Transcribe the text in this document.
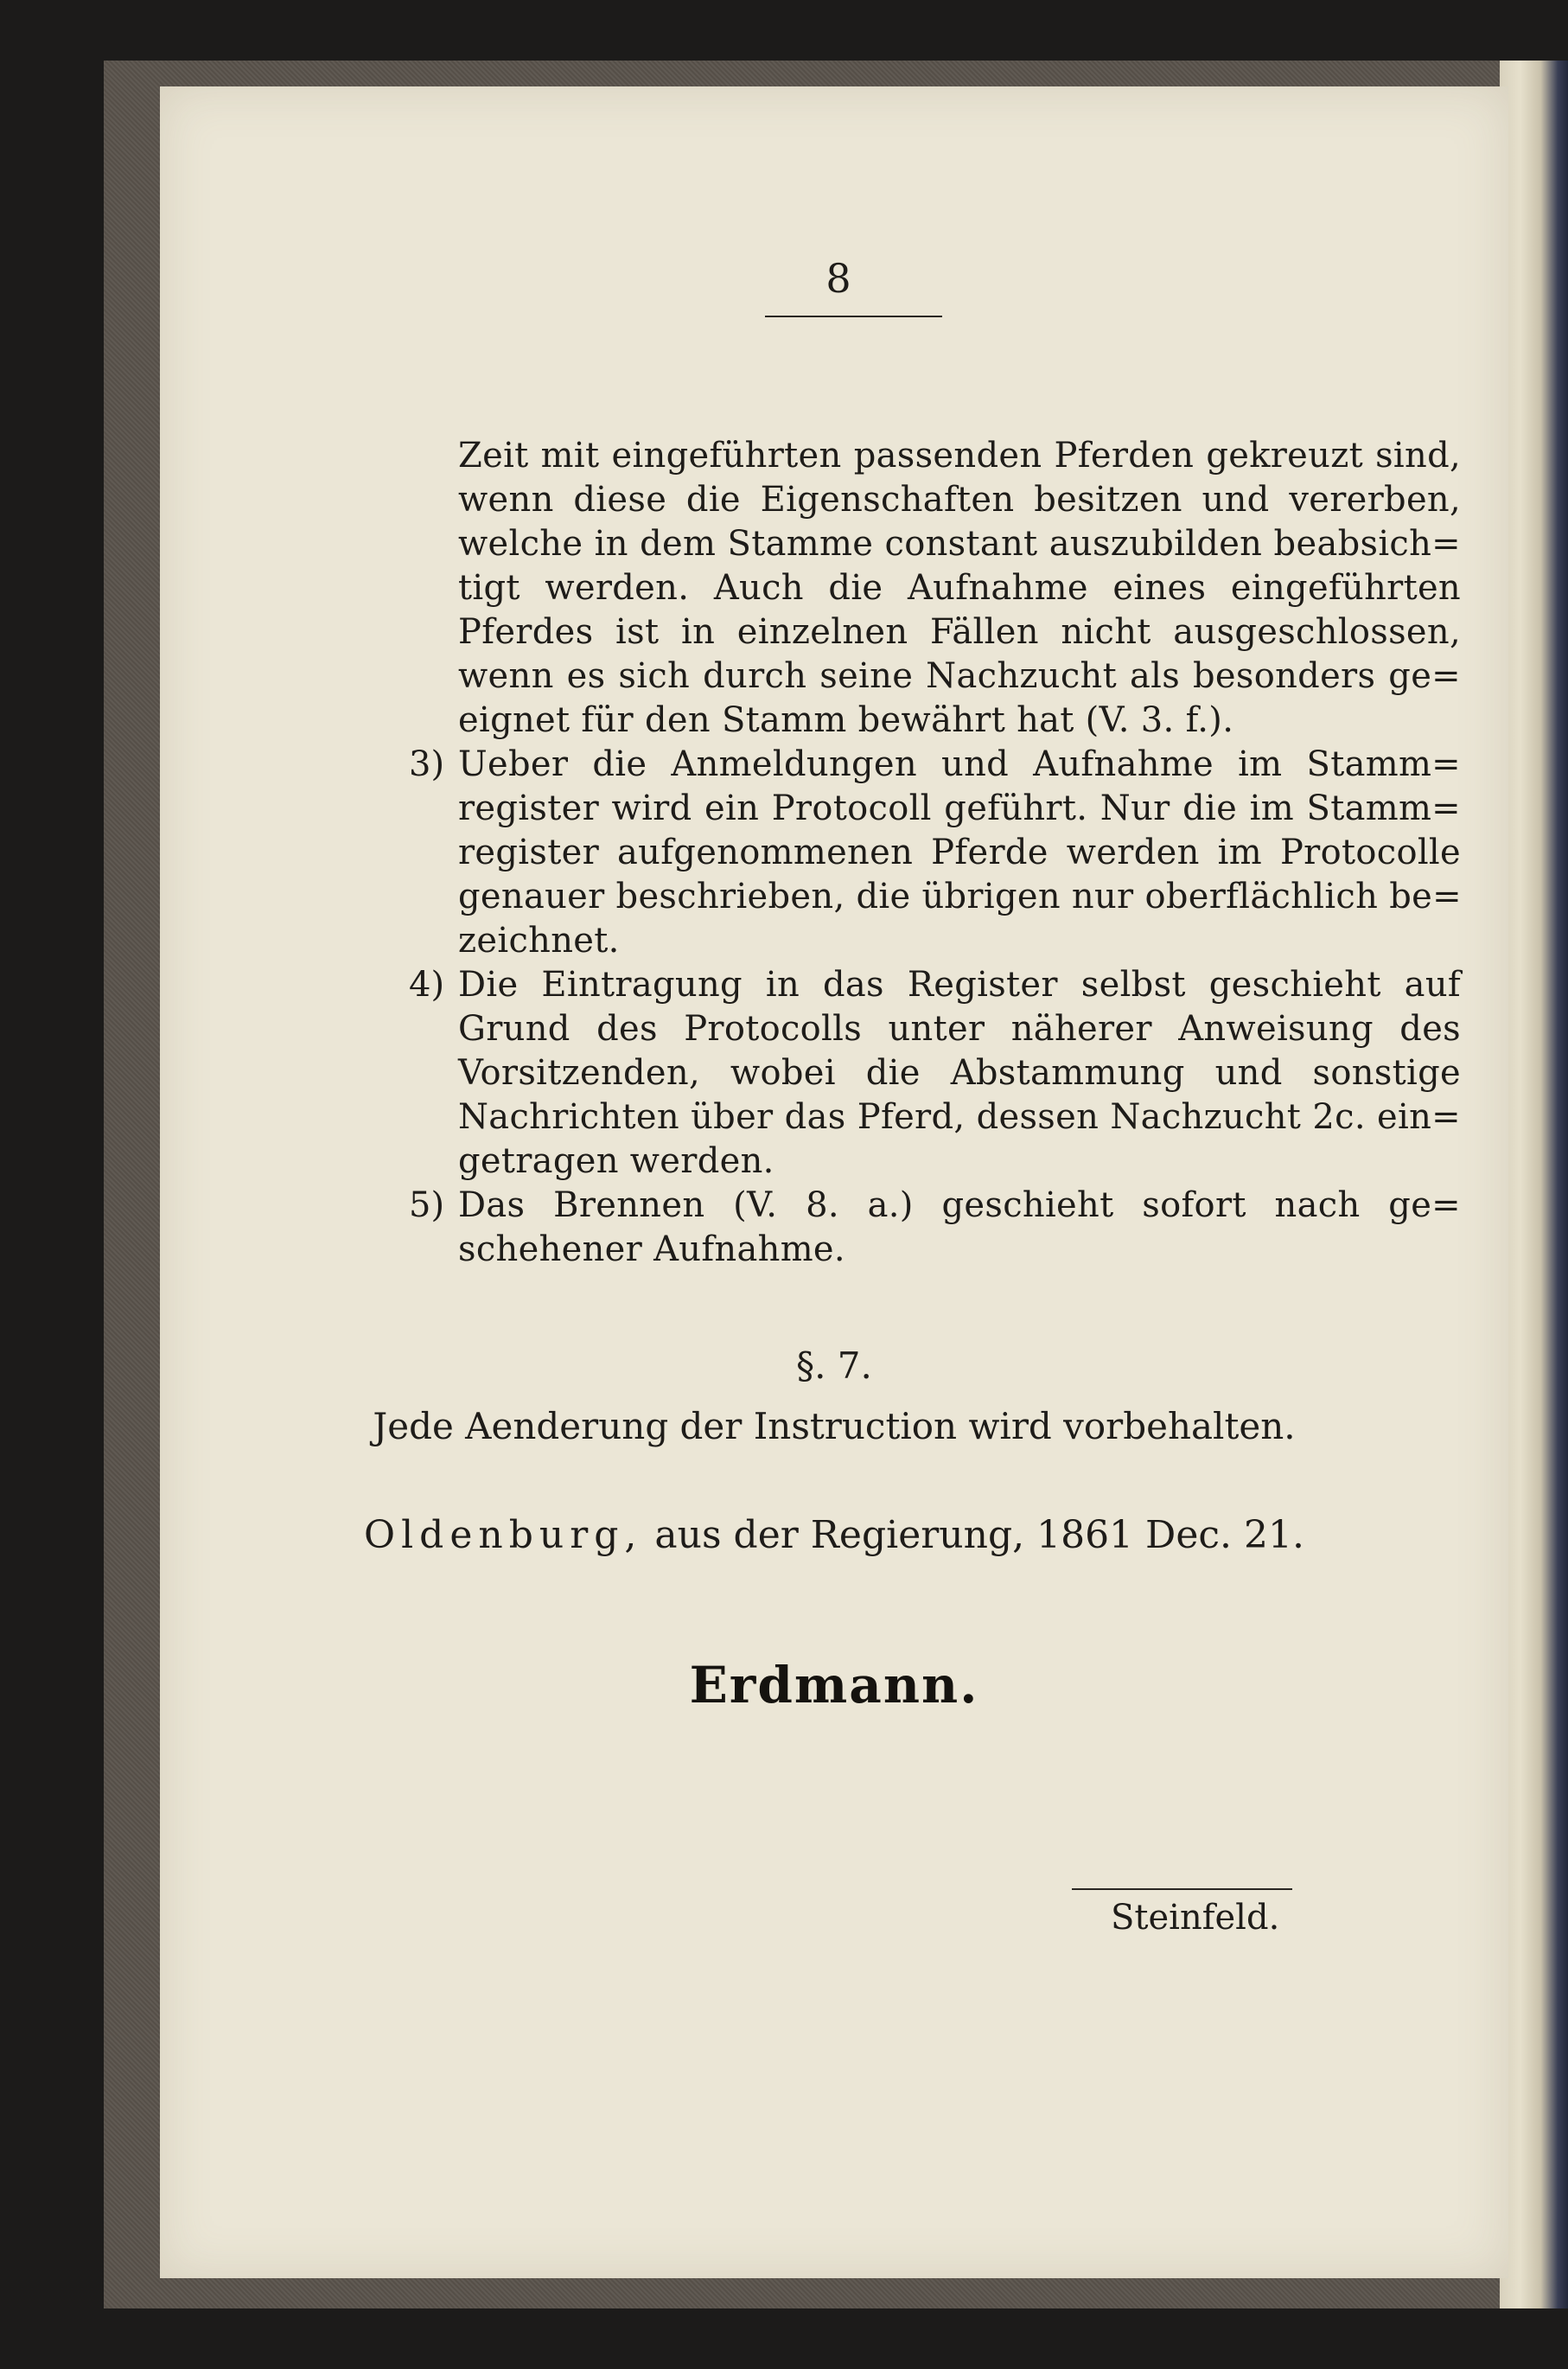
8
Zeit mit eingeführten passenden Pferden gekreuzt sind,
wenn diese die Eigenschaften besitzen und vererben,
welche in dem Stamme constant auszubilden beabsich=
tigt werden. Auch die Aufnahme eines eingeführten
Pferdes ist in einzelnen Fällen nicht ausgeschlossen,
wenn es sich durch seine Nachzucht als besonders ge=
eignet für den Stamm bewährt hat (V. 3. f.).
3) Ueber die Anmeldungen und Aufnahme im Stamm=
register wird ein Protocoll geführt. Nur die im Stamm=
register aufgenommenen Pferde werden im Protocolle
genauer beschrieben, die übrigen nur oberflächlich be=
zeichnet.
4) Die Eintragung in das Register selbst geschieht auf
Grund des Protocolls unter näherer Anweisung des
Vorsitzenden, wobei die Abstammung und sonstige
Nachrichten über das Pferd, dessen Nachzucht 2c. ein=
getragen werden.
5) Das Brennen (V. 8. a.) geschieht sofort nach ge=
schehener Aufnahme.
§. 7.
Jede Aenderung der Instruction wird vorbehalten.
Oldenburg, aus der Regierung, 1861 Dec. 21.
Erdmann.
Steinfeld.
